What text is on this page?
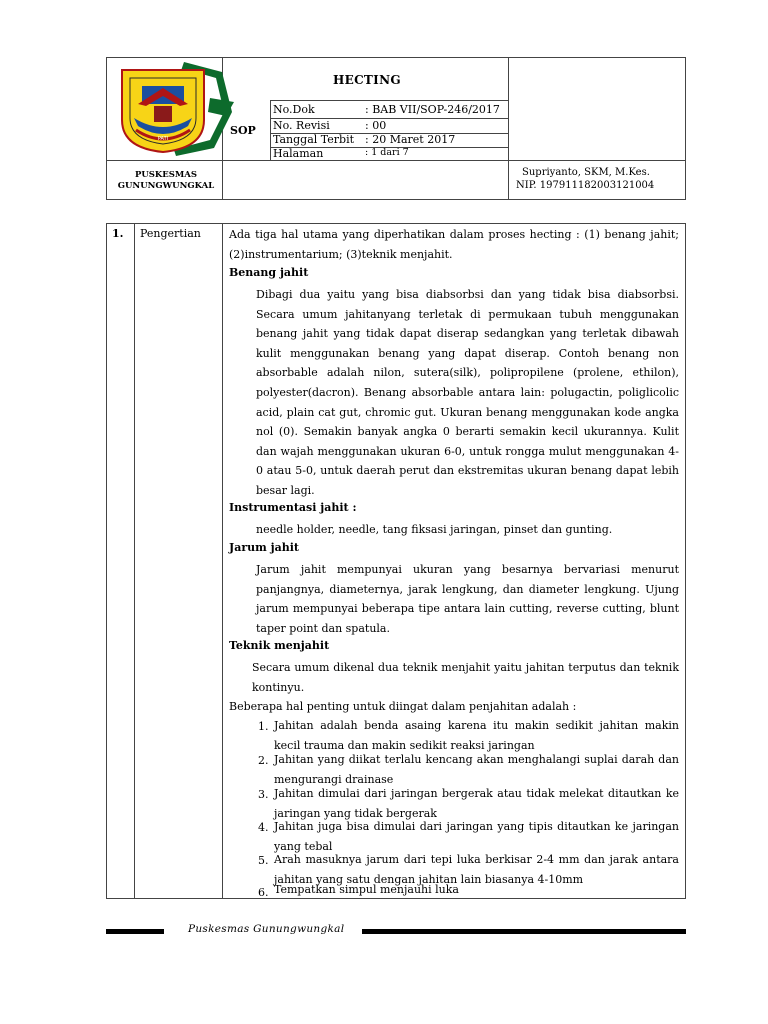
PATI
HECTING
SOP
No.Dok	: BAB VII/SOP-246/2017
No. Revisi	: 00
Tanggal Terbit : 20 Maret 2017
Halaman	: 1 dari 7
PUSKESMAS
GUNUNGWUNGKAL
Supriyanto, SKM, M.Kes.
NIP. 197911182003121004
1. Pengertian	Ada tiga hal utama yang diperhatikan dalam proses hecting : (1) benang jahit; (2)instrumentarium; (3)teknik menjahit.
Benang jahit
Dibagi dua yaitu yang bisa diabsorbsi dan yang tidak bisa diabsorbsi. Secara umum jahitanyang terletak di permukaan tubuh menggunakan benang jahit yang tidak dapat diserap sedangkan yang terletak dibawah kulit menggunakan benang yang dapat diserap. Contoh benang non absorbable adalah nilon, sutera(silk), polipropilene (prolene, ethilon), polyester(dacron). Benang absorbable antara lain: polugactin, poliglicolic acid, plain cat gut, chromic gut. Ukuran benang menggunakan kode angka nol (0). Semakin banyak angka 0 berarti semakin kecil ukurannya. Kulit dan wajah menggunakan ukuran 6-0, untuk rongga mulut menggunakan 4-0 atau 5-0, untuk daerah perut dan ekstremitas ukuran benang dapat lebih besar lagi.
Instrumentasi jahit :
needle holder, needle, tang fiksasi jaringan, pinset dan gunting.
Jarum jahit
Jarum jahit mempunyai ukuran yang besarnya bervariasi menurut panjangnya, diameternya, jarak lengkung, dan diameter lengkung. Ujung jarum mempunyai beberapa tipe antara lain cutting, reverse cutting, blunt taper point dan spatula.
Teknik menjahit
Secara umum dikenal dua teknik menjahit yaitu jahitan terputus dan teknik kontinyu.
Beberapa hal penting untuk diingat dalam penjahitan adalah :
1. Jahitan adalah benda asaing karena itu makin sedikit jahitan makin kecil trauma dan makin sedikit reaksi jaringan
2. Jahitan yang diikat terlalu kencang akan menghalangi suplai darah dan mengurangi drainase
3. Jahitan dimulai dari jaringan bergerak atau tidak melekat ditautkan ke jaringan yang tidak bergerak
4. Jahitan juga bisa dimulai dari jaringan yang tipis ditautkan ke jaringan yang tebal
5. Arah masuknya jarum dari tepi luka berkisar 2-4 mm dan jarak antara jahitan yang satu dengan jahitan lain biasanya 4-10mm
6. Tempatkan simpul menjauhi luka
Puskesmas Gunungwungkal
